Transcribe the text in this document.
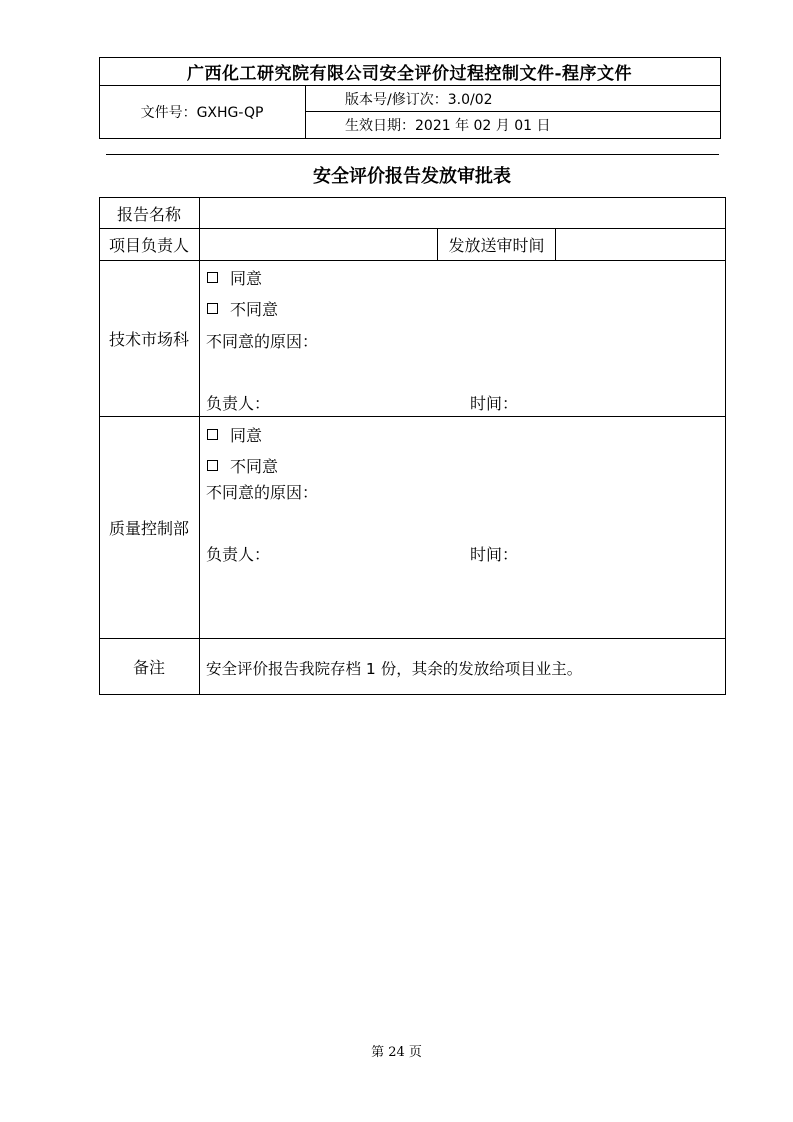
广西化工研究院有限公司安全评价过程控制文件-程序文件
文件号：GXHG-QP
版本号/修订次：3.0/02
生效日期：2021 年 02 月 01 日
安全评价报告发放审批表
报告名称
项目负责人	发放送审时间
技术市场科
同意
不同意
不同意的原因：
负责人：	时间：
质量控制部
同意
不同意
不同意的原因：
负责人：	时间：
备注	安全评价报告我院存档 1 份，其余的发放给项目业主。
第 24 页
